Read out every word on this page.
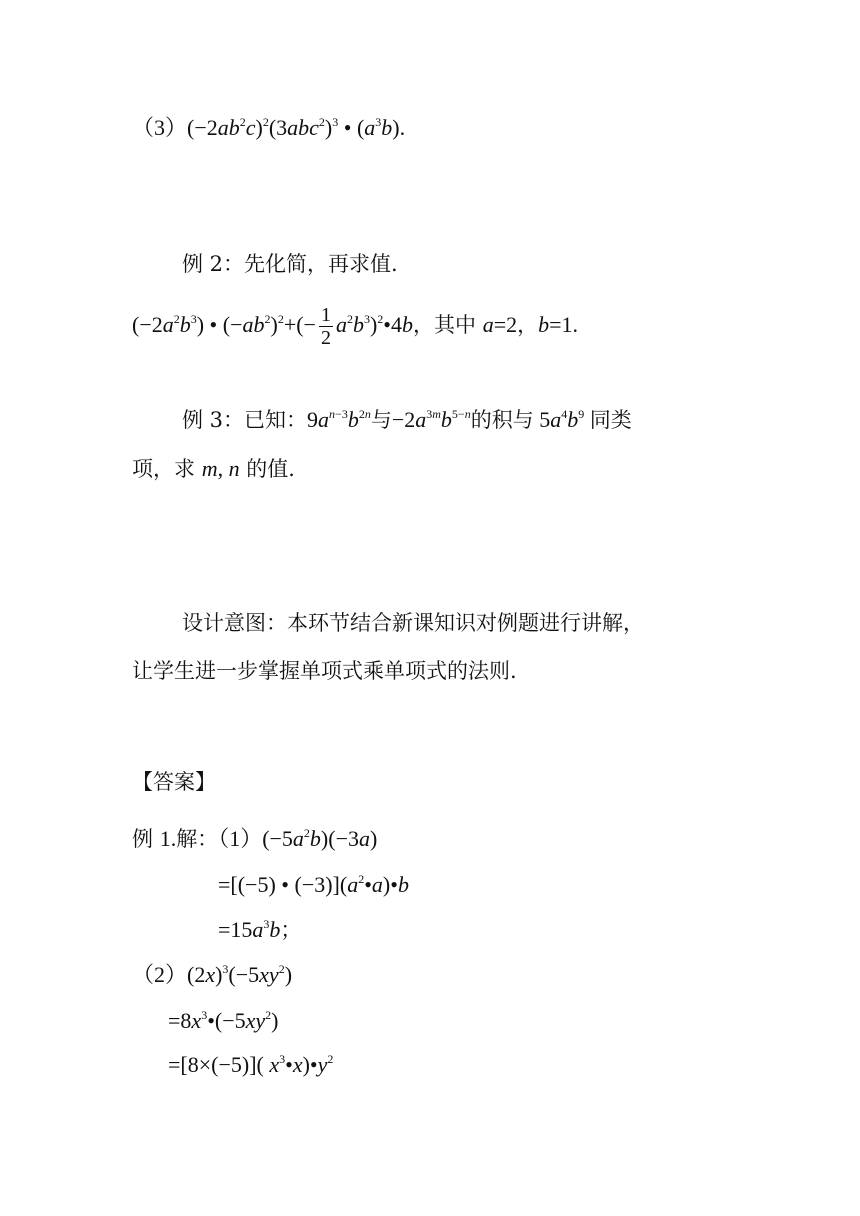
$(3)(-2ab^2c)^2(3abc^2)^3$ • $(a^3b)$.
例 2：先化简，再求值.
$(-2a^2b^3)$ • $(-ab^2)^2+(- \frac{1}{2}$ $a^2b^3)^2•4b$，其中 a=2，b=1.
例 3：已知：$9a^{n-3}b^{2n}$与$-2a^{3m}b^{5-n}$的积与 $5a^4b^9$ 同类
项，求 m, n 的值.
设计意图：本环节结合新课知识对例题进行讲解，
让学生进一步掌握单项式乘单项式的法则.
【答案】
例 1.解：$(1)(-5a^2b)(-3a)$
=[(−5) • $(-3)](a^2•a)•b$
$=15a^3b$；
$(2)(2x)^3(-5xy^2)$
$=8x^3•(-5xy^2)$
=[8×(−5)]( $x^3•x)•y^2$
